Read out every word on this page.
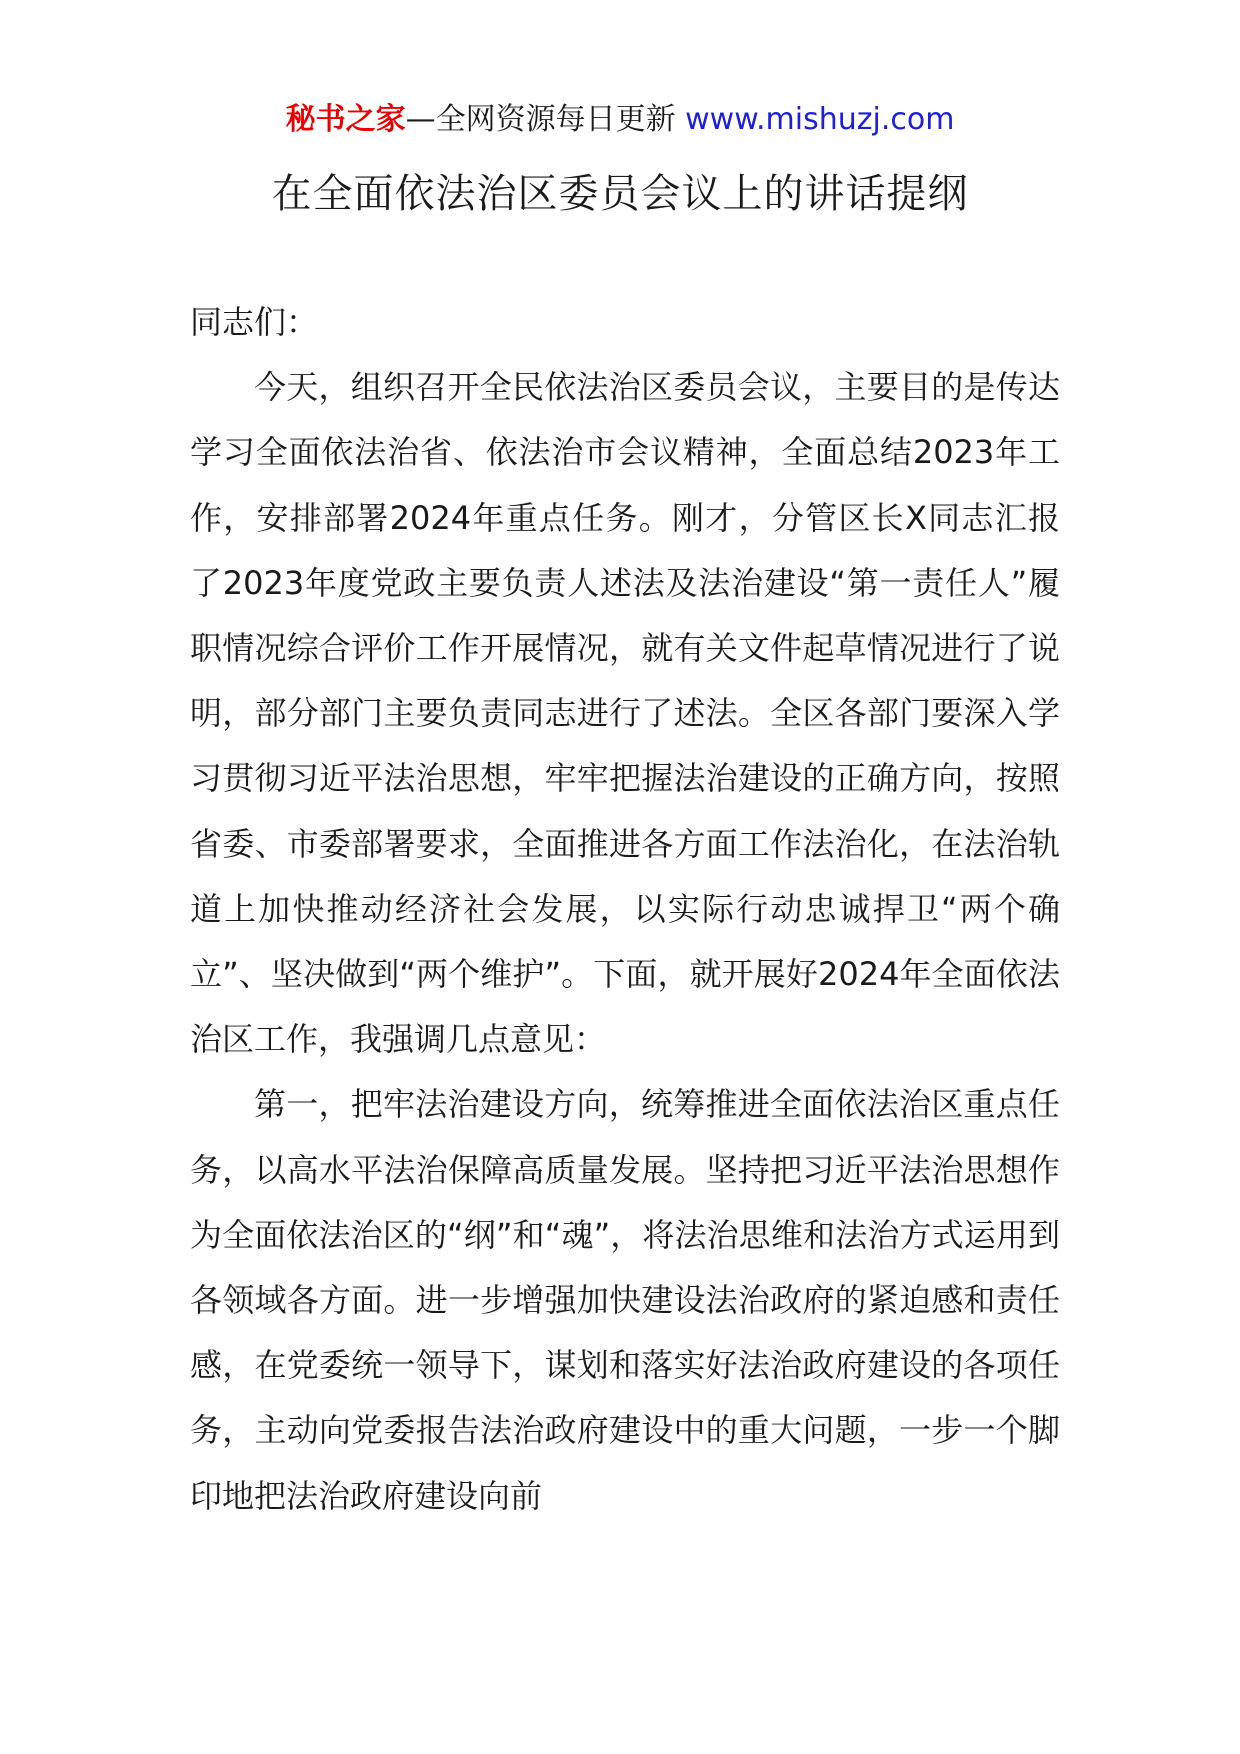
秘书之家—全网资源每日更新 www.mishuzj.com
在全面依法治区委员会议上的讲话提纲

同志们：

今天，组织召开全民依法治区委员会议，主要目的是传达学习全面依法治省、依法治市会议精神，全面总结2023年工作，安排部署2024年重点任务。刚才，分管区长X同志汇报了2023年度党政主要负责人述法及法治建设“第一责任人”履职情况综合评价工作开展情况，就有关文件起草情况进行了说明，部分部门主要负责同志进行了述法。全区各部门要深入学习贯彻习近平法治思想，牢牢把握法治建设的正确方向，按照省委、市委部署要求，全面推进各方面工作法治化，在法治轨道上加快推动经济社会发展，以实际行动忠诚捍卫“两个确立”、坚决做到“两个维护”。下面，就开展好2024年全面依法治区工作，我强调几点意见：

第一，把牢法治建设方向，统筹推进全面依法治区重点任务，以高水平法治保障高质量发展。坚持把习近平法治思想作为全面依法治区的“纲”和“魂”，将法治思维和法治方式运用到各领域各方面。进一步增强加快建设法治政府的紧迫感和责任感，在党委统一领导下，谋划和落实好法治政府建设的各项任务，主动向党委报告法治政府建设中的重大问题，一步一个脚印地把法治政府建设向前
